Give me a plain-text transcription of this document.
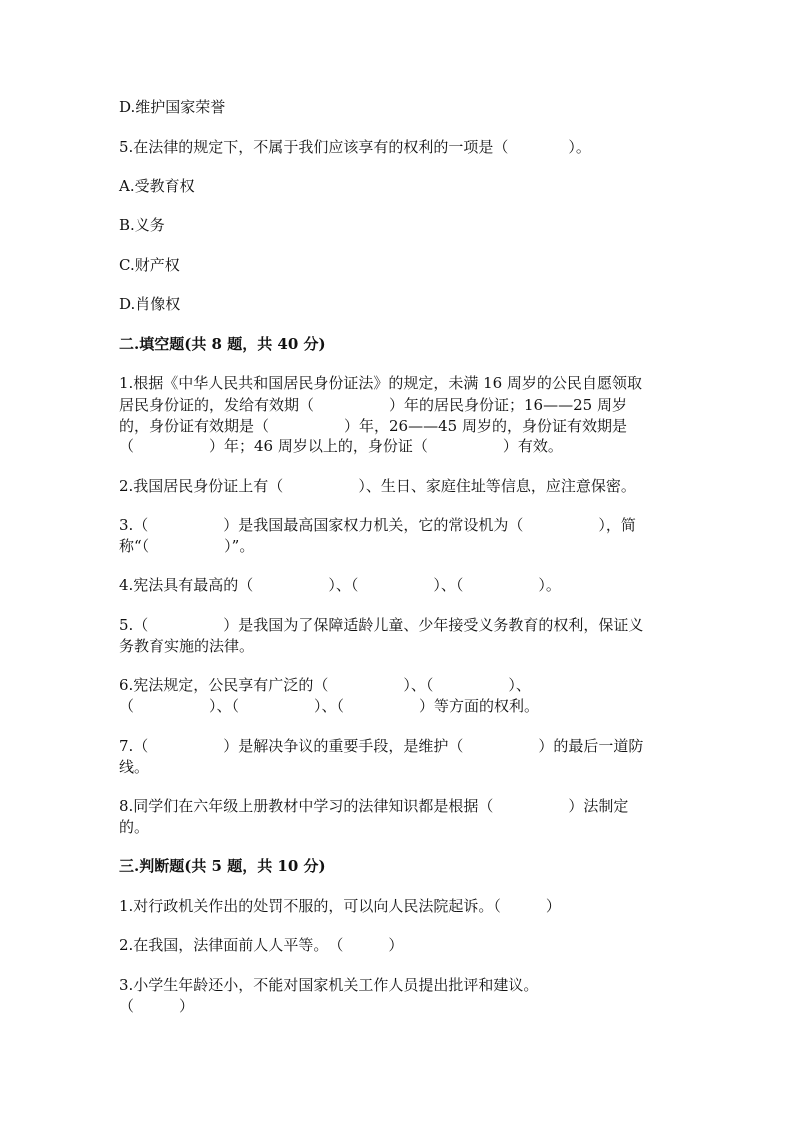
D.维护国家荣誉
5.在法律的规定下，不属于我们应该享有的权利的一项是（　　　　）。
A.受教育权
B.义务
C.财产权
D.肖像权
二.填空题(共 8 题，共 40 分)
1.根据《中华人民共和国居民身份证法》的规定，未满 16 周岁的公民自愿领取
居民身份证的，发给有效期（　　　　　）年的居民身份证；16——25 周岁
的，身份证有效期是（　　　　　）年，26——45 周岁的，身份证有效期是
（　　　　　）年；46 周岁以上的，身份证（　　　　　）有效。
2.我国居民身份证上有（　　　　　）、生日、家庭住址等信息，应注意保密。
3.（　　　　　）是我国最高国家权力机关，它的常设机为（　　　　　），简
称“（　　　　　）”。
4.宪法具有最高的（　　　　　）、（　　　　　）、（　　　　　）。
5.（　　　　　）是我国为了保障适龄儿童、少年接受义务教育的权利，保证义
务教育实施的法律。
6.宪法规定，公民享有广泛的（　　　　　）、（　　　　　）、
（　　　　　）、（　　　　　）、（　　　　　）等方面的权利。
7.（　　　　　）是解决争议的重要手段，是维护（　　　　　）的最后一道防
线。
8.同学们在六年级上册教材中学习的法律知识都是根据（　　　　　）法制定
的。
三.判断题(共 5 题，共 10 分)
1.对行政机关作出的处罚不服的，可以向人民法院起诉。（　　　）
2.在我国，法律面前人人平等。　（　　　）
3.小学生年龄还小，不能对国家机关工作人员提出批评和建议。
（　　　）
